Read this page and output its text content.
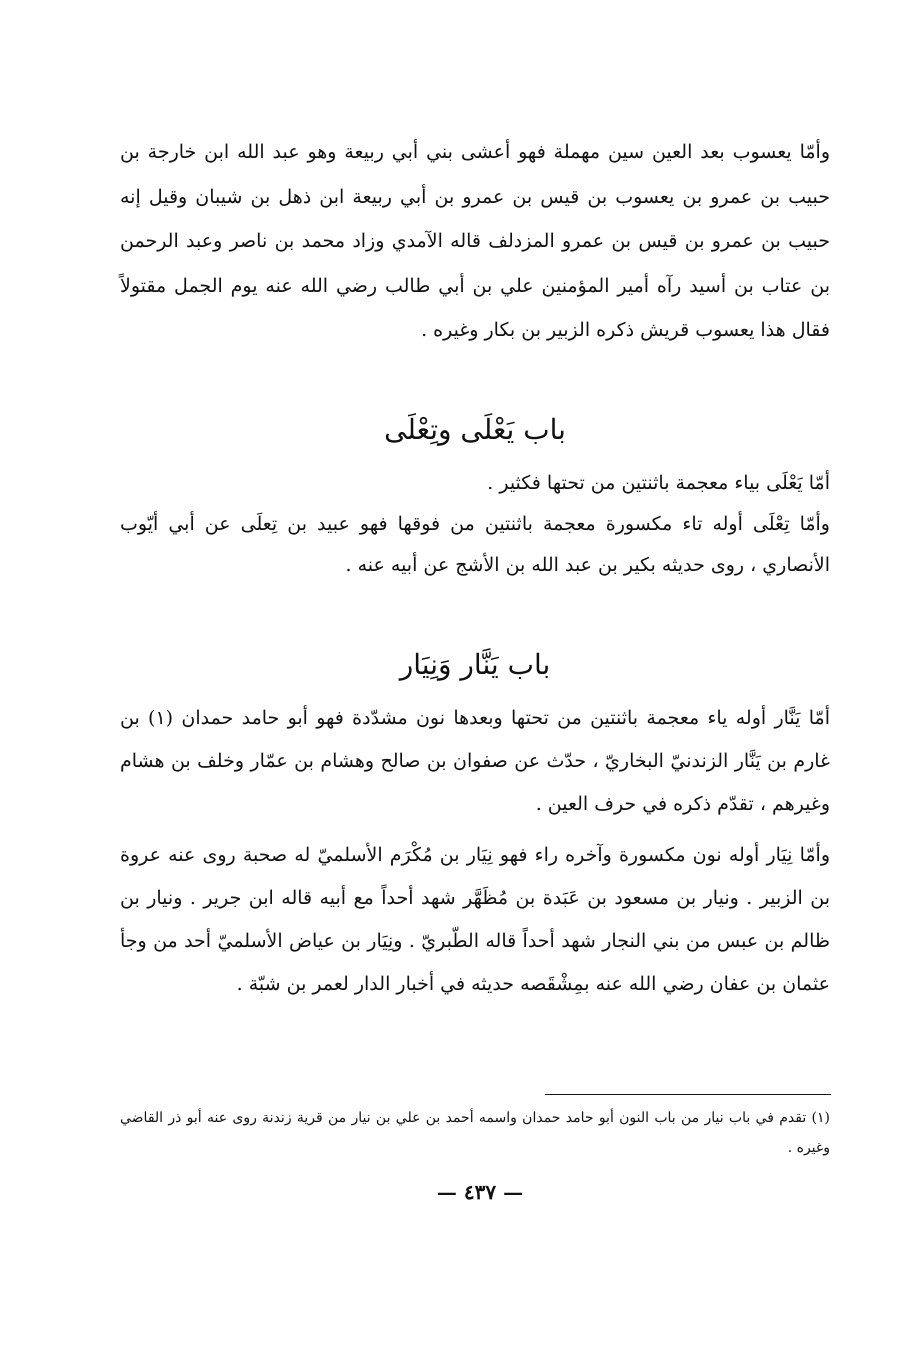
وأمّا يعسوب بعد العين سين مهملة فهو أعشى بني أبي ربيعة وهو عبد الله ابن خارجة بن حبيب بن عمرو بن يعسوب بن قيس بن عمرو بن أبي ربيعة ابن ذهل بن شيبان وقيل إنه حبيب بن عمرو بن قيس بن عمرو المزدلف قاله الآمدي وزاد محمد بن ناصر وعبد الرحمن بن عتاب بن أسيد رآه أمير المؤمنين علي بن أبي طالب رضي الله عنه يوم الجمل مقتولاً فقال هذا يعسوب قريش ذكره الزبير بن بكار وغيره .

باب يَعْلَى وتِعْلَى

أمّا يَعْلَى بياء معجمة باثنتين من تحتها فكثير .

وأمّا تِعْلَى أوله تاء مكسورة معجمة باثنتين من فوقها فهو عبيد بن تِعلَى عن أبي أيّوب الأنصاري ، روى حديثه بكير بن عبد الله بن الأشج عن أبيه عنه .

باب يَنَّار وَنِيَار

أمّا يَنَّار أوله ياء معجمة باثنتين من تحتها وبعدها نون مشدّدة فهو أبو حامد حمدان (١) بن غارم بن يَنَّار الزندنيّ البخاريّ ، حدّث عن صفوان بن صالح وهشام بن عمّار وخلف بن هشام وغيرهم ، تقدّم ذكره في حرف العين .

وأمّا نِيَار أوله نون مكسورة وآخره راء فهو نِيَار بن مُكْرَم الأسلميّ له صحبة روى عنه عروة بن الزبير . ونيار بن مسعود بن عَبَدة بن مُظَهَّر شهد أحداً مع أبيه قاله ابن جرير . ونيار بن ظالم بن عبس من بني النجار شهد أحداً قاله الطّبريّ . ونِيَار بن عياض الأسلميّ أحد من وجأ عثمان بن عفان رضي الله عنه بمِشْقَصه حديثه في أخبار الدار لعمر بن شبّة .

(١) تقدم في باب نيار من باب النون أبو حامد حمدان واسمه أحمد بن علي بن نيار من قرية زندنة روى عنه أبو ذر القاضي وغيره .
— ٤٣٧ —
